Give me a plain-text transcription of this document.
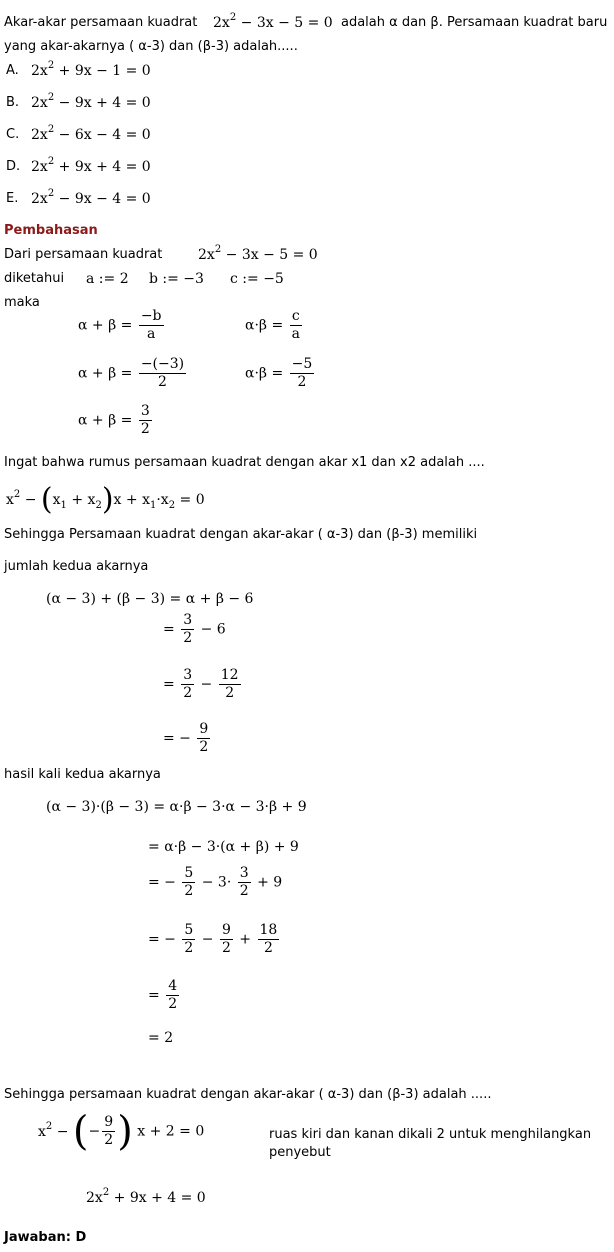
Akar-akar persamaan kuadrat $2x^2 - 3x - 5 = 0$ adalah α dan β. Persamaan kuadrat baru
yang akar-akarnya ( α-3) dan (β-3) adalah.....
A. $2x^2 + 9x - 1 = 0$
B. $2x^2 - 9x + 4 = 0$
C. $2x^2 - 6x - 4 = 0$
D. $2x^2 + 9x + 4 = 0$
E. $2x^2 - 9x - 4 = 0$
Pembahasan
Dari persamaan kuadrat	$2x^2 - 3x - 5 = 0$
diketahui a := 2 b := −3 c := −5
maka
$\alpha + \beta = \frac{-b}{a}$	$\alpha\cdot\beta = \frac{c}{a}$
$\alpha + \beta = \frac{-(-3)}{2}$	$\alpha\cdot\beta = \frac{-5}{2}$
$\alpha + \beta = \frac{3}{2}$
Ingat bahwa rumus persamaan kuadrat dengan akar x1 dan x2 adalah ....
$x^2 - (x_1 + x_2)x + x_1\cdot x_2 = 0$
Sehingga Persamaan kuadrat dengan akar-akar ( α-3) dan (β-3) memiliki
jumlah kedua akarnya
(α − 3) + (β − 3) = α + β − 6
= $\frac{3}{2} - 6$
= $\frac{3}{2} - \frac{12}{2}$
= − $\frac{9}{2}$
hasil kali kedua akarnya
(α − 3)·(β − 3) = α·β − 3·α − 3·β + 9
= α·β − 3·(α + β) + 9
= − $\frac{5}{2} - 3\cdot \frac{3}{2} + 9$
= − $\frac{5}{2} - \frac{9}{2} + \frac{18}{2}$
= $\frac{4}{2}$
= 2
Sehingga persamaan kuadrat dengan akar-akar ( α-3) dan (β-3) adalah .....
$x^2$ − (− $\frac{9}{2}$ ) x + 2 = 0	ruas kiri dan kanan dikali 2 untuk menghilangkan
penyebut
$2x^2 + 9x + 4 = 0$
Jawaban: D
